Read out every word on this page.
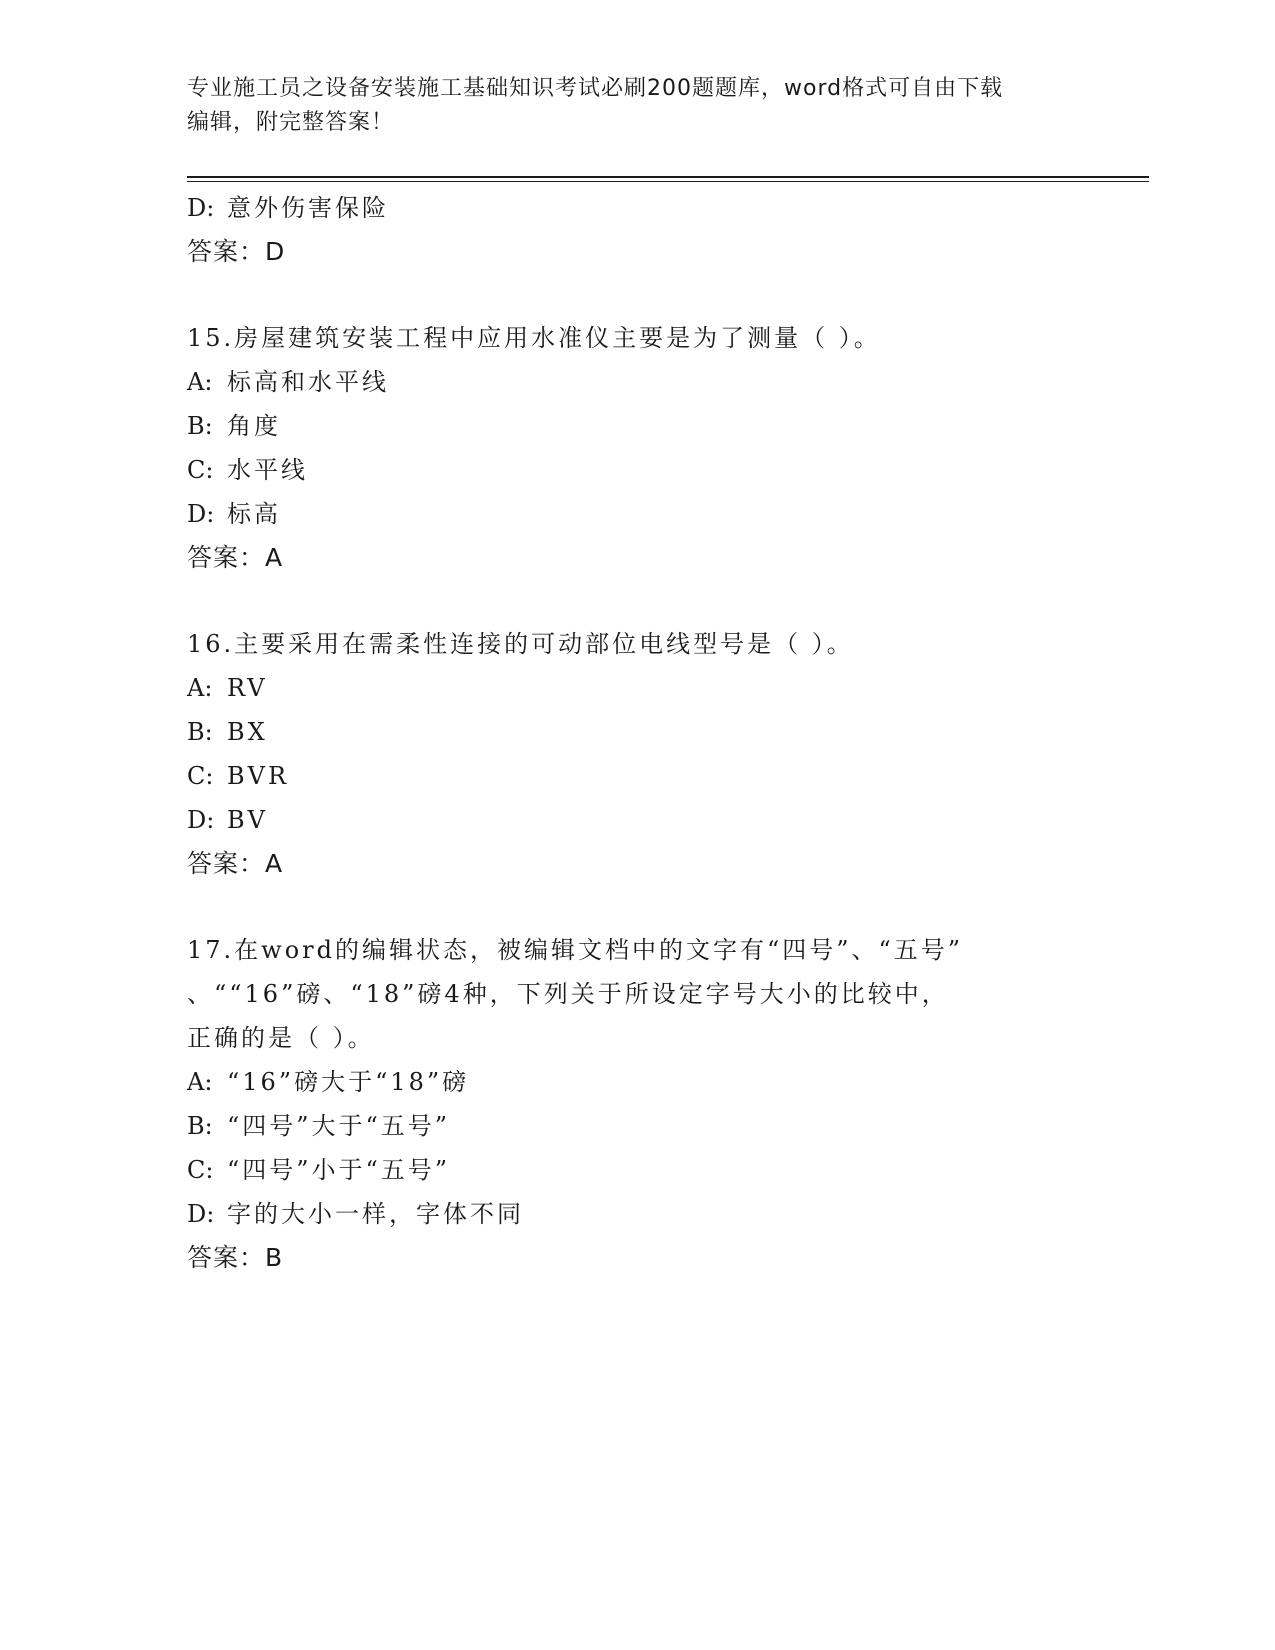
专业施工员之设备安装施工基础知识考试必刷200题题库，word格式可自由下载
编辑，附完整答案！
D: 意外伤害保险
答案：D
15.房屋建筑安装工程中应用水准仪主要是为了测量（ ）。
A: 标高和水平线
B: 角度
C: 水平线
D: 标高
答案：A
16.主要采用在需柔性连接的可动部位电线型号是（ ）。
A: RV
B: BX
C: BVR
D: BV
答案：A
17.在word的编辑状态，被编辑文档中的文字有“四号”、“五号”
、““16”磅、“18”磅4种，下列关于所设定字号大小的比较中，
正确的是（ ）。
A: “16”磅大于“18”磅
B: “四号”大于“五号”
C: “四号”小于“五号”
D: 字的大小一样，字体不同
答案：B
